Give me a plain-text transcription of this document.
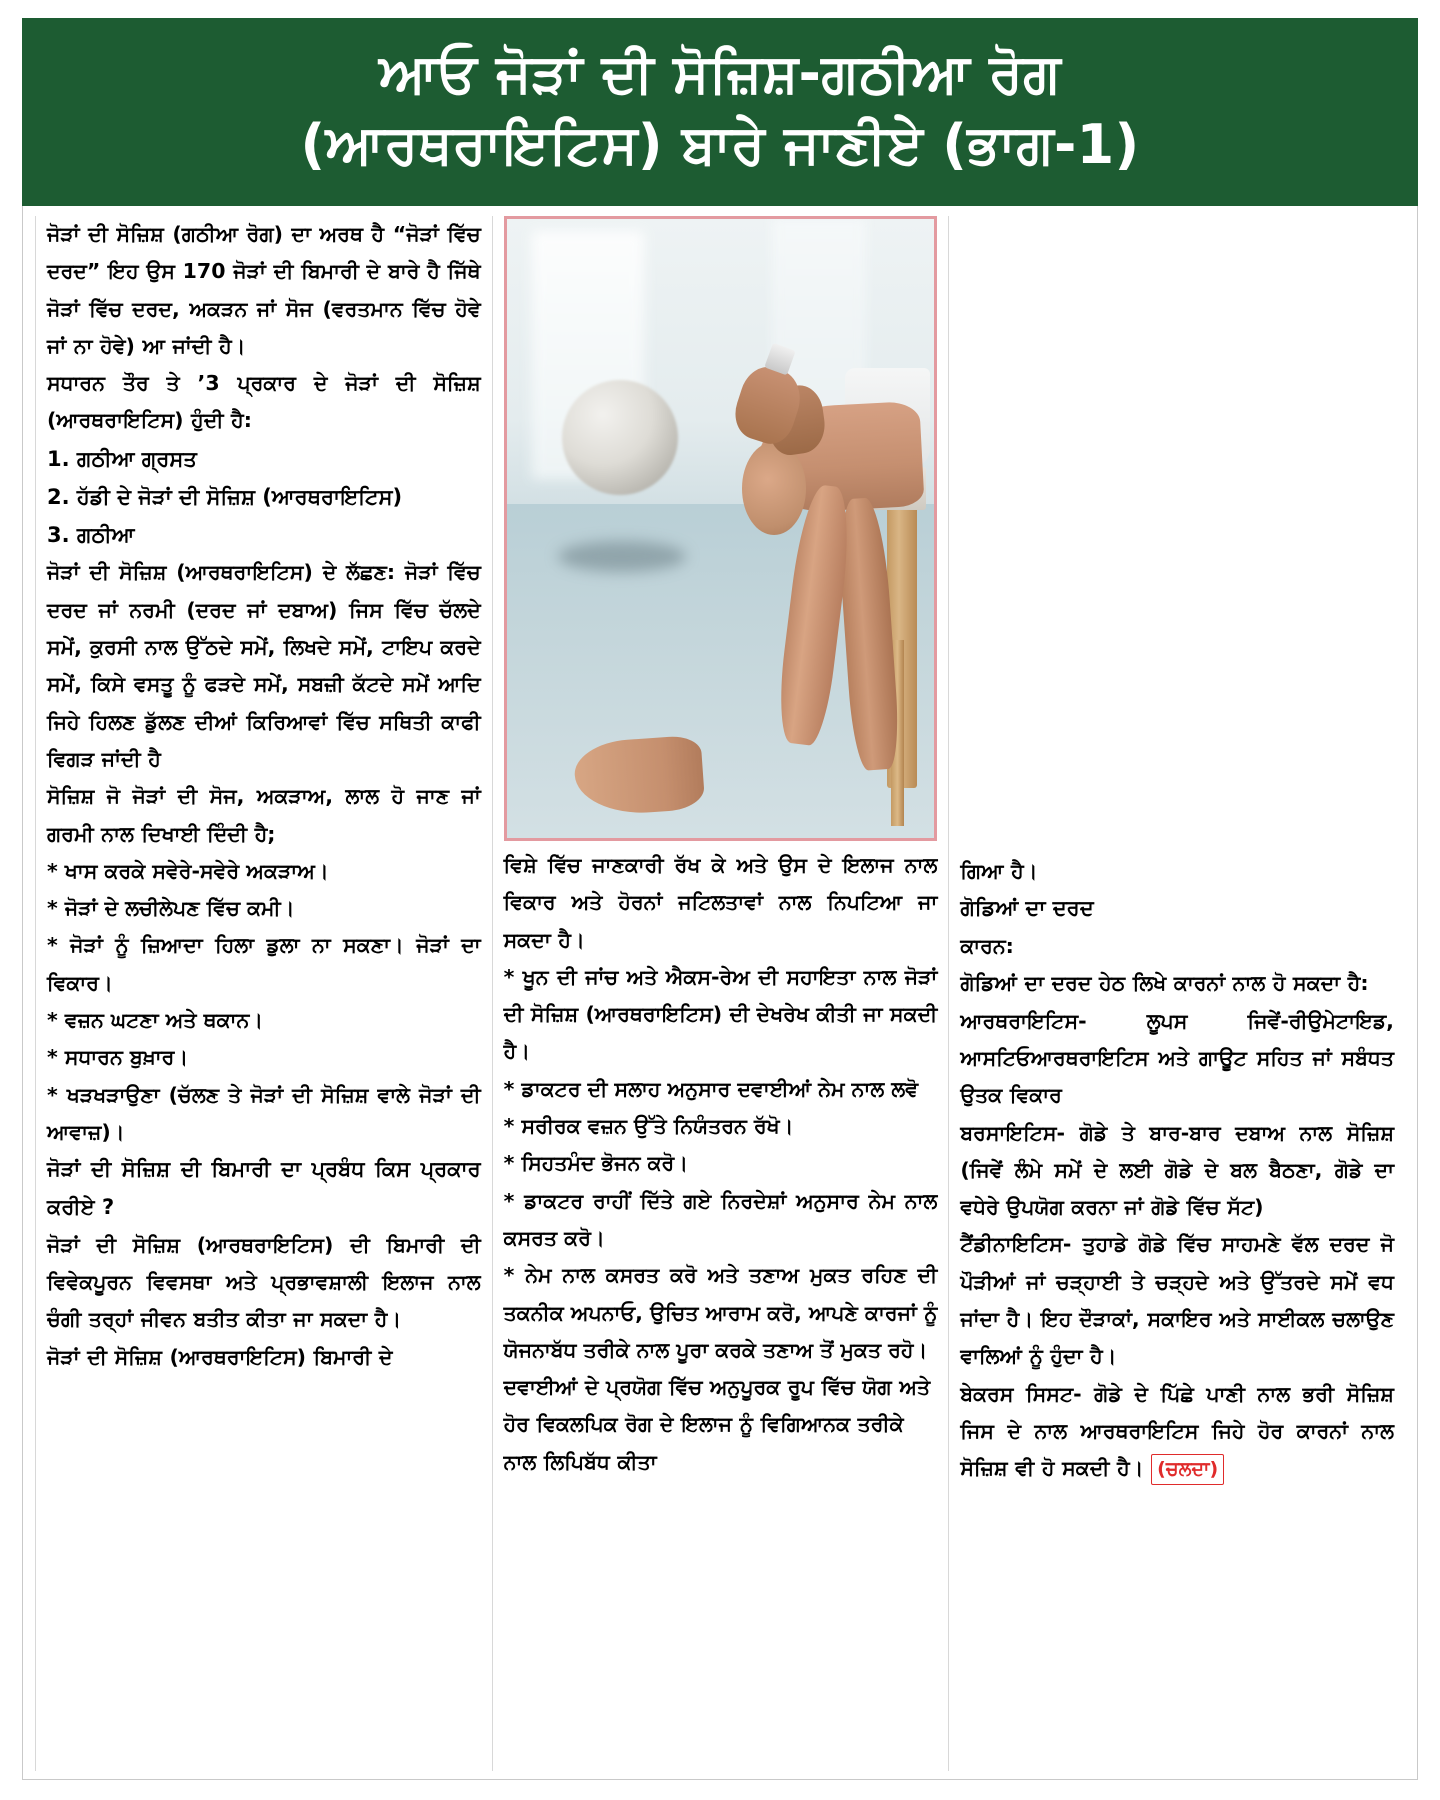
ਆਓ ਜੋੜਾਂ ਦੀ ਸੋਜ਼ਿਸ਼-ਗਠੀਆ ਰੋਗ
(ਆਰਥਰਾਇਟਿਸ) ਬਾਰੇ ਜਾਣੀਏ (ਭਾਗ-1)

ਜੋੜਾਂ ਦੀ ਸੋਜ਼ਿਸ਼ (ਗਠੀਆ ਰੋਗ) ਦਾ ਅਰਥ ਹੈ “ਜੋੜਾਂ ਵਿੱਚ ਦਰਦ” ਇਹ ਉਸ 170 ਜੋੜਾਂ ਦੀ ਬਿਮਾਰੀ ਦੇ ਬਾਰੇ ਹੈ ਜਿੱਥੇ ਜੋੜਾਂ ਵਿੱਚ ਦਰਦ, ਅਕੜਨ ਜਾਂ ਸੋਜ (ਵਰਤਮਾਨ ਵਿੱਚ ਹੋਵੇ ਜਾਂ ਨਾ ਹੋਵੇ) ਆ ਜਾਂਦੀ ਹੈ।

ਸਧਾਰਨ ਤੌਰ ਤੇ ’3 ਪ੍ਰਕਾਰ ਦੇ ਜੋੜਾਂ ਦੀ ਸੋਜ਼ਿਸ਼ (ਆਰਥਰਾਇਟਿਸ) ਹੁੰਦੀ ਹੈ:

1. ਗਠੀਆ ਗ੍ਰਸਤ

2. ਹੱਡੀ ਦੇ ਜੋੜਾਂ ਦੀ ਸੋਜ਼ਿਸ਼ (ਆਰਥਰਾਇਟਿਸ)

3. ਗਠੀਆ

ਜੋੜਾਂ ਦੀ ਸੋਜ਼ਿਸ਼ (ਆਰਥਰਾਇਟਿਸ) ਦੇ ਲੱਛਣ: ਜੋੜਾਂ ਵਿੱਚ ਦਰਦ ਜਾਂ ਨਰਮੀ (ਦਰਦ ਜਾਂ ਦਬਾਅ) ਜਿਸ ਵਿੱਚ ਚੱਲਦੇ ਸਮੇਂ, ਕੁਰਸੀ ਨਾਲ ਉੱਠਦੇ ਸਮੇਂ, ਲਿਖਦੇ ਸਮੇਂ, ਟਾਇਪ ਕਰਦੇ ਸਮੇਂ, ਕਿਸੇ ਵਸਤੂ ਨੂੰ ਫੜਦੇ ਸਮੇਂ, ਸਬਜ਼ੀ ਕੱਟਦੇ ਸਮੇਂ ਆਦਿ ਜਿਹੇ ਹਿਲਣ ਡੁੱਲਣ ਦੀਆਂ ਕਿਰਿਆਵਾਂ ਵਿੱਚ ਸਥਿਤੀ ਕਾਫੀ ਵਿਗੜ ਜਾਂਦੀ ਹੈ

ਸੋਜ਼ਿਸ਼ ਜੋ ਜੋੜਾਂ ਦੀ ਸੋਜ, ਅਕੜਾਅ, ਲਾਲ ਹੋ ਜਾਣ ਜਾਂ ਗਰਮੀ ਨਾਲ ਦਿਖਾਈ ਦਿੰਦੀ ਹੈ;

* ਖਾਸ ਕਰਕੇ ਸਵੇਰੇ-ਸਵੇਰੇ ਅਕੜਾਅ।

* ਜੋੜਾਂ ਦੇ ਲਚੀਲੇਪਣ ਵਿੱਚ ਕਮੀ।

* ਜੋੜਾਂ ਨੂੰ ਜ਼ਿਆਦਾ ਹਿਲਾ ਡੁਲਾ ਨਾ ਸਕਣਾ। ਜੋੜਾਂ ਦਾ ਵਿਕਾਰ।

* ਵਜ਼ਨ ਘਟਣਾ ਅਤੇ ਥਕਾਨ।

* ਸਧਾਰਨ ਬੁਖ਼ਾਰ।

* ਖੜਖੜਾਉਣਾ (ਚੱਲਣ ਤੇ ਜੋੜਾਂ ਦੀ ਸੋਜ਼ਿਸ਼ ਵਾਲੇ ਜੋੜਾਂ ਦੀ ਆਵਾਜ਼)।

ਜੋੜਾਂ ਦੀ ਸੋਜ਼ਿਸ਼ ਦੀ ਬਿਮਾਰੀ ਦਾ ਪ੍ਰਬੰਧ ਕਿਸ ਪ੍ਰਕਾਰ ਕਰੀਏ ?

ਜੋੜਾਂ ਦੀ ਸੋਜ਼ਿਸ਼ (ਆਰਥਰਾਇਟਿਸ) ਦੀ ਬਿਮਾਰੀ ਦੀ ਵਿਵੇਕਪੂਰਨ ਵਿਵਸਥਾ ਅਤੇ ਪ੍ਰਭਾਵਸ਼ਾਲੀ ਇਲਾਜ ਨਾਲ ਚੰਗੀ ਤਰ੍ਹਾਂ ਜੀਵਨ ਬਤੀਤ ਕੀਤਾ ਜਾ ਸਕਦਾ ਹੈ।

ਜੋੜਾਂ ਦੀ ਸੋਜ਼ਿਸ਼ (ਆਰਥਰਾਇਟਿਸ) ਬਿਮਾਰੀ ਦੇ

ਵਿਸ਼ੇ ਵਿੱਚ ਜਾਣਕਾਰੀ ਰੱਖ ਕੇ ਅਤੇ ਉਸ ਦੇ ਇਲਾਜ ਨਾਲ ਵਿਕਾਰ ਅਤੇ ਹੋਰਨਾਂ ਜਟਿਲਤਾਵਾਂ ਨਾਲ ਨਿਪਟਿਆ ਜਾ ਸਕਦਾ ਹੈ।

* ਖੂਨ ਦੀ ਜਾਂਚ ਅਤੇ ਐਕਸ-ਰੇਅ ਦੀ ਸਹਾਇਤਾ ਨਾਲ ਜੋੜਾਂ ਦੀ ਸੋਜ਼ਿਸ਼ (ਆਰਥਰਾਇਟਿਸ) ਦੀ ਦੇਖਰੇਖ ਕੀਤੀ ਜਾ ਸਕਦੀ ਹੈ।

* ਡਾਕਟਰ ਦੀ ਸਲਾਹ ਅਨੁਸਾਰ ਦਵਾਈਆਂ ਨੇਮ ਨਾਲ ਲਵੋ

* ਸਰੀਰਕ ਵਜ਼ਨ ਉੱਤੇ ਨਿਯੰਤਰਨ ਰੱਖੋ।

* ਸਿਹਤਮੰਦ ਭੋਜਨ ਕਰੋ।

* ਡਾਕਟਰ ਰਾਹੀਂ ਦਿੱਤੇ ਗਏ ਨਿਰਦੇਸ਼ਾਂ ਅਨੁਸਾਰ ਨੇਮ ਨਾਲ ਕਸਰਤ ਕਰੋ।

* ਨੇਮ ਨਾਲ ਕਸਰਤ ਕਰੋ ਅਤੇ ਤਣਾਅ ਮੁਕਤ ਰਹਿਣ ਦੀ ਤਕਨੀਕ ਅਪਨਾਓ, ਉਚਿਤ ਆਰਾਮ ਕਰੋ, ਆਪਣੇ ਕਾਰਜਾਂ ਨੂੰ ਯੋਜਨਾਬੱਧ ਤਰੀਕੇ ਨਾਲ ਪੂਰਾ ਕਰਕੇ ਤਣਾਅ ਤੋਂ ਮੁਕਤ ਰਹੋ।

ਦਵਾਈਆਂ ਦੇ ਪ੍ਰਯੋਗ ਵਿੱਚ ਅਨੁਪੂਰਕ ਰੂਪ ਵਿੱਚ ਯੋਗ ਅਤੇ ਹੋਰ ਵਿਕਲਪਿਕ ਰੋਗ ਦੇ ਇਲਾਜ ਨੂੰ ਵਿਗਿਆਨਕ ਤਰੀਕੇ ਨਾਲ ਲਿਪਿਬੱਧ ਕੀਤਾ

ਗਿਆ ਹੈ।

ਗੋਡਿਆਂ ਦਾ ਦਰਦ

ਕਾਰਨ:

ਗੋਡਿਆਂ ਦਾ ਦਰਦ ਹੇਠ ਲਿਖੇ ਕਾਰਨਾਂ ਨਾਲ ਹੋ ਸਕਦਾ ਹੈ:

ਆਰਥਰਾਇਟਿਸ- ਲੂਪਸ ਜਿਵੇਂ-ਰੀਉਮੇਟਾਇਡ, ਆਸਟਿਓਆਰਥਰਾਇਟਿਸ ਅਤੇ ਗਾਊਟ ਸਹਿਤ ਜਾਂ ਸਬੰਧਤ ਉਤਕ ਵਿਕਾਰ

ਬਰਸਾਇਟਿਸ- ਗੋਡੇ ਤੇ ਬਾਰ-ਬਾਰ ਦਬਾਅ ਨਾਲ ਸੋਜ਼ਿਸ਼ (ਜਿਵੇਂ ਲੰਮੇ ਸਮੇਂ ਦੇ ਲਈ ਗੋਡੇ ਦੇ ਬਲ ਬੈਠਣਾ, ਗੋਡੇ ਦਾ ਵਧੇਰੇ ਉਪਯੋਗ ਕਰਨਾ ਜਾਂ ਗੋਡੇ ਵਿੱਚ ਸੱਟ)

ਟੈਂਡੀਨਾਇਟਿਸ- ਤੁਹਾਡੇ ਗੋਡੇ ਵਿੱਚ ਸਾਹਮਣੇ ਵੱਲ ਦਰਦ ਜੋ ਪੌੜੀਆਂ ਜਾਂ ਚੜ੍ਹਾਈ ਤੇ ਚੜ੍ਹਦੇ ਅਤੇ ਉੱਤਰਦੇ ਸਮੇਂ ਵਧ ਜਾਂਦਾ ਹੈ। ਇਹ ਦੌੜਾਕਾਂ, ਸਕਾਇਰ ਅਤੇ ਸਾਈਕਲ ਚਲਾਉਣ ਵਾਲਿਆਂ ਨੂੰ ਹੁੰਦਾ ਹੈ।

ਬੇਕਰਸ ਸਿਸਟ- ਗੋਡੇ ਦੇ ਪਿੱਛੇ ਪਾਣੀ ਨਾਲ ਭਰੀ ਸੋਜ਼ਿਸ਼ ਜਿਸ ਦੇ ਨਾਲ ਆਰਥਰਾਇਟਿਸ ਜਿਹੇ ਹੋਰ ਕਾਰਨਾਂ ਨਾਲ ਸੋਜ਼ਿਸ਼ ਵੀ ਹੋ ਸਕਦੀ ਹੈ। (ਚਲਦਾ)
